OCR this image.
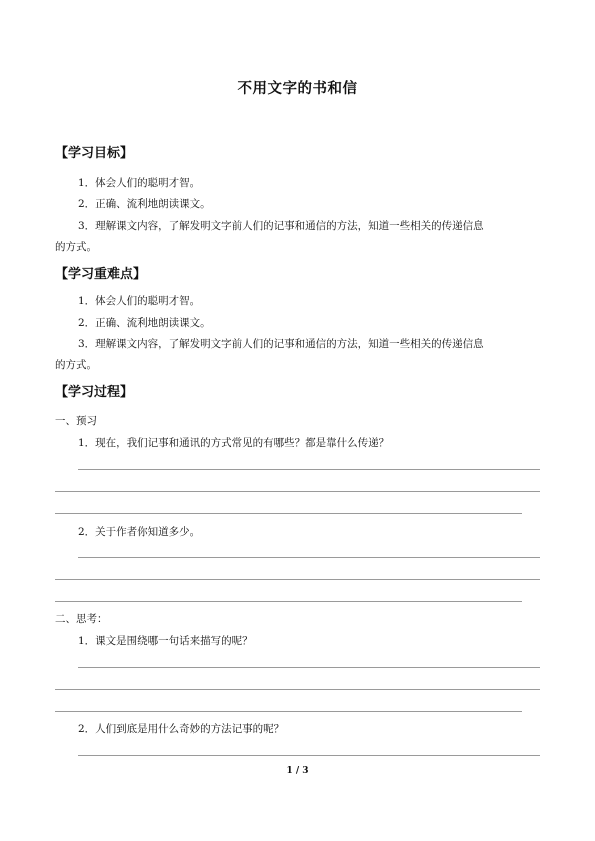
不用文字的书和信
【学习目标】
1．体会人们的聪明才智。
2．正确、流利地朗读课文。
3．理解课文内容，了解发明文字前人们的记事和通信的方法，知道一些相关的传递信息
的方式。
【学习重难点】
1．体会人们的聪明才智。
2．正确、流利地朗读课文。
3．理解课文内容，了解发明文字前人们的记事和通信的方法，知道一些相关的传递信息
的方式。
【学习过程】
一、预习
1．现在，我们记事和通讯的方式常见的有哪些？都是靠什么传递？
2．关于作者你知道多少。
二、思考：
1．课文是围绕哪一句话来描写的呢？
2．人们到底是用什么奇妙的方法记事的呢？
1 / 3
